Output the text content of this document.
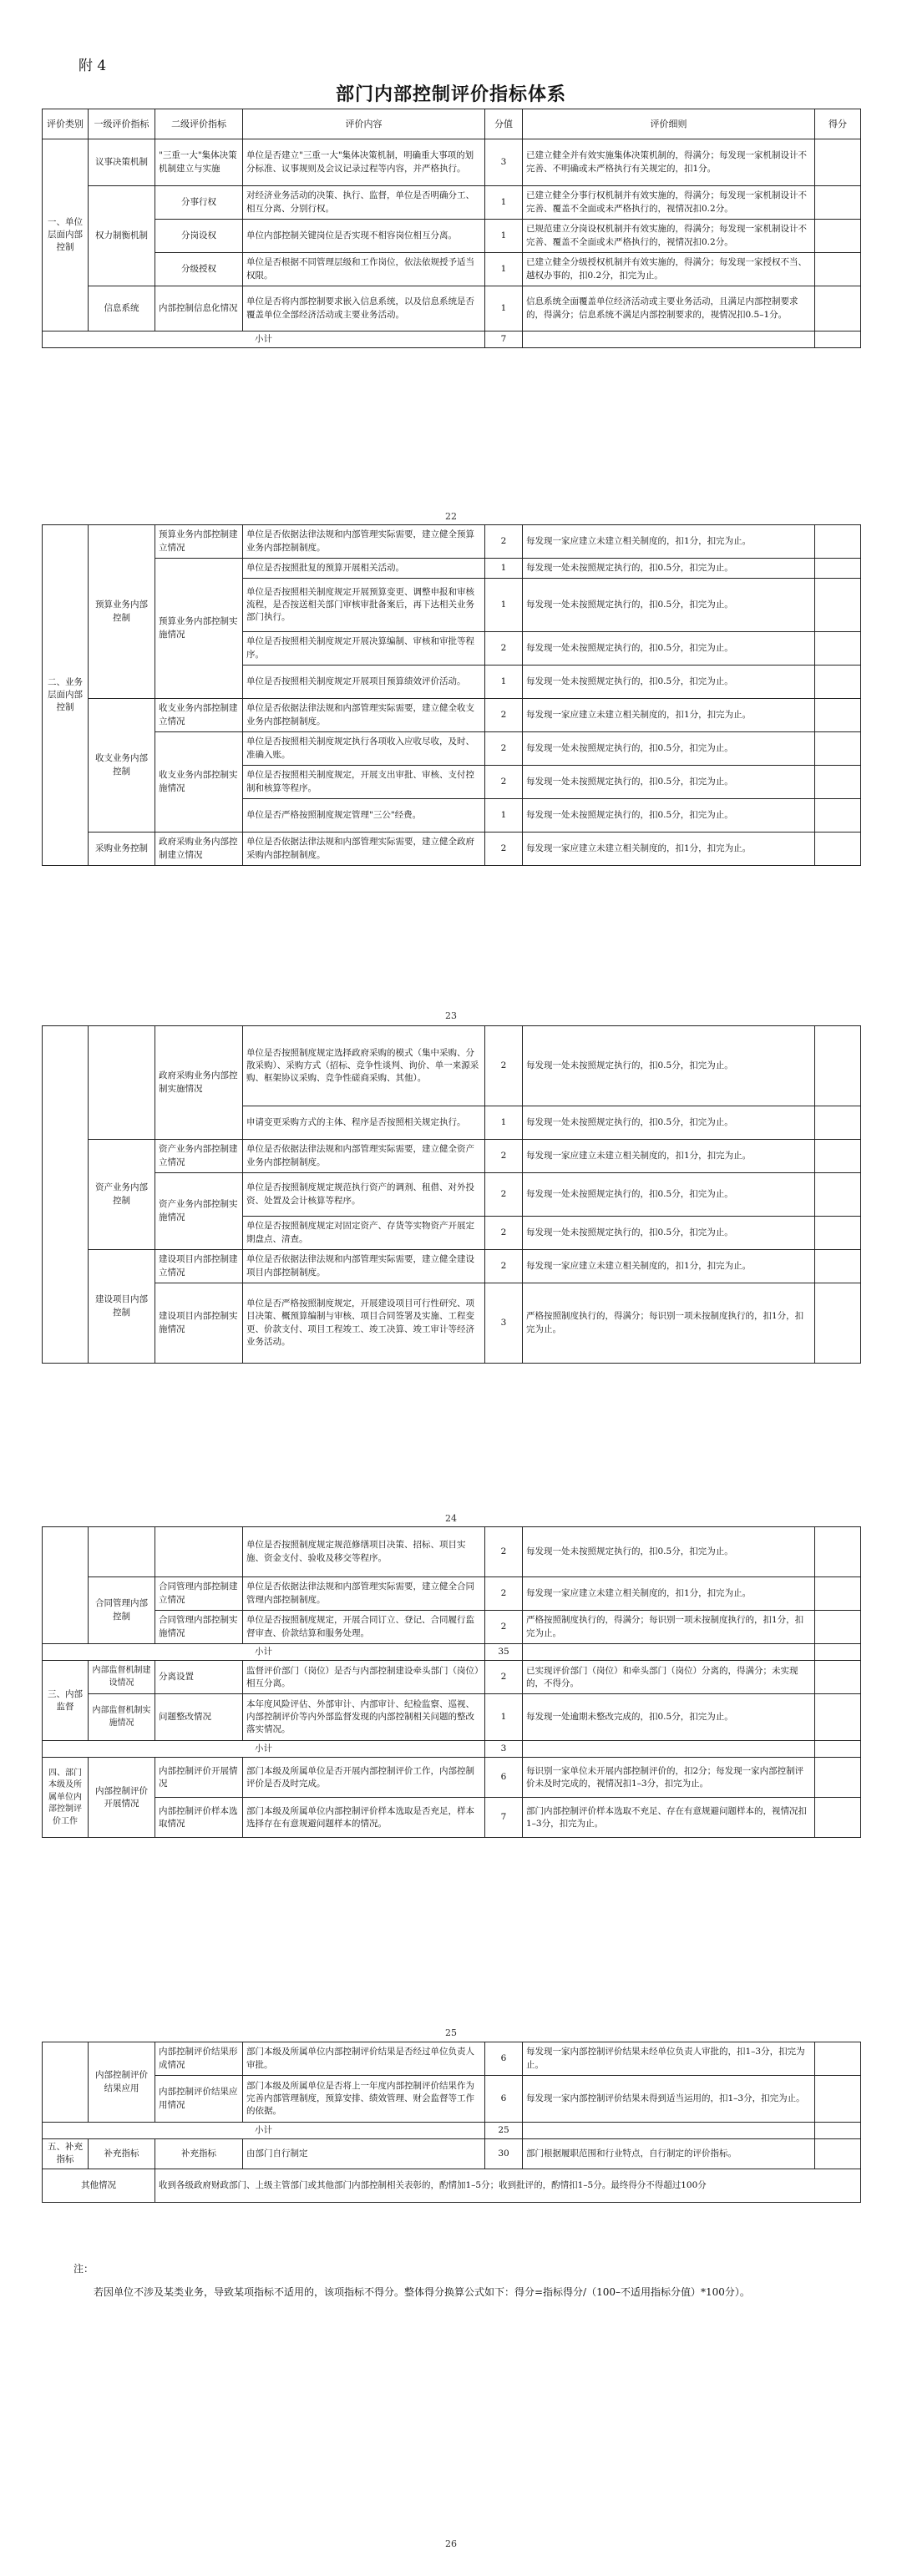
附 4
部门内部控制评价指标体系
评价类别	一级评价指标	二级评价指标	评价内容	分值	评价细则	得分
一、单位层面内部控制	议事决策机制	"三重一大"集体决策机制建立与实施	单位是否建立"三重一大"集体决策机制，明确重大事项的划分标准、议事规则及会议记录过程等内容，并严格执行。	3	已建立健全并有效实施集体决策机制的，得满分；每发现一家机制设计不完善、不明确或未严格执行有关规定的，扣1分。	
	权力制衡机制	分事行权	对经济业务活动的决策、执行、监督，单位是否明确分工、相互分离、分别行权。	1	已建立健全分事行权机制并有效实施的，得满分；每发现一家机制设计不完善、覆盖不全面或未严格执行的，视情况扣0.2分。	
		分岗设权	单位内部控制关键岗位是否实现不相容岗位相互分离。	1	已规范建立分岗设权机制并有效实施的，得满分；每发现一家机制设计不完善、覆盖不全面或未严格执行的，视情况扣0.2分。	
		分级授权	单位是否根据不同管理层级和工作岗位，依法依规授予适当权限。	1	已建立健全分级授权机制并有效实施的，得满分；每发现一家授权不当、越权办事的，扣0.2分，扣完为止。	
	信息系统	内部控制信息化情况	单位是否将内部控制要求嵌入信息系统，以及信息系统是否覆盖单位全部经济活动或主要业务活动。	1	信息系统全面覆盖单位经济活动或主要业务活动，且满足内部控制要求的，得满分；信息系统不满足内部控制要求的，视情况扣0.5–1分。	
小计				7		
22
二、业务层面内部控制	预算业务内部控制	预算业务内部控制建立情况	单位是否依据法律法规和内部管理实际需要，建立健全预算业务内部控制制度。	2	每发现一家应建立未建立相关制度的，扣1分，扣完为止。	
		预算业务内部控制实施情况	单位是否按照批复的预算开展相关活动。	1	每发现一处未按照规定执行的，扣0.5分，扣完为止。	
			单位是否按照相关制度规定开展预算变更、调整申报和审核流程，是否按送相关部门审核审批备案后，再下达相关业务部门执行。	1	每发现一处未按照规定执行的，扣0.5分，扣完为止。	
			单位是否按照相关制度规定开展决算编制、审核和审批等程序。	2	每发现一处未按照规定执行的，扣0.5分，扣完为止。	
			单位是否按照相关制度规定开展项目预算绩效评价活动。	1	每发现一处未按照规定执行的，扣0.5分，扣完为止。	

	收支业务内部控制	收支业务内部控制建立情况	单位是否依据法律法规和内部管理实际需要，建立健全收支业务内部控制制度。	2	每发现一家应建立未建立相关制度的，扣1分，扣完为止。	
		收支业务内部控制实施情况	单位是否按照相关制度规定执行各项收入应收尽收，及时、准确入账。	2	每发现一处未按照规定执行的，扣0.5分，扣完为止。	
			单位是否按照相关制度规定，开展支出审批、审核、支付控制和核算等程序。	2	每发现一处未按照规定执行的，扣0.5分，扣完为止。	
			单位是否严格按照制度规定管理"三公"经费。	1	每发现一处未按照规定执行的，扣0.5分，扣完为止。	
	采购业务控制	政府采购业务内部控制建立情况	单位是否依据法律法规和内部管理实际需要，建立健全政府采购内部控制制度。	2	每发现一家应建立未建立相关制度的，扣1分，扣完为止。	
23
		政府采购业务内部控制实施情况	单位是否按照制度规定选择政府采购的模式（集中采购、分散采购）、采购方式（招标、竞争性谈判、询价、单一来源采购、框架协议采购、竞争性磋商采购、其他）。	2	每发现一处未按照规定执行的，扣0.5分，扣完为止。	
			申请变更采购方式的主体、程序是否按照相关规定执行。	1	每发现一处未按照规定执行的，扣0.5分，扣完为止。	
	资产业务内部控制	资产业务内部控制建立情况	单位是否依据法律法规和内部管理实际需要，建立健全资产业务内部控制制度。	2	每发现一家应建立未建立相关制度的，扣1分，扣完为止。	
		资产业务内部控制实施情况	单位是否按照制度规定规范执行资产的调剂、租借、对外投资、处置及会计核算等程序。	2	每发现一处未按照规定执行的，扣0.5分，扣完为止。	
			单位是否按照制度规定对固定资产、存货等实物资产开展定期盘点、清查。	2	每发现一处未按照规定执行的，扣0.5分，扣完为止。	
	建设项目内部控制	建设项目内部控制建立情况	单位是否依据法律法规和内部管理实际需要，建立健全建设项目内部控制制度。	2	每发现一家应建立未建立相关制度的，扣1分，扣完为止。	
		建设项目内部控制实施情况	单位是否严格按照制度规定，开展建设项目可行性研究、项目决策、概预算编制与审核、项目合同签署及实施、工程变更、价款支付、项目工程竣工、竣工决算、竣工审计等经济业务活动。	3	严格按照制度执行的，得满分；每识别一项未按制度执行的，扣1分，扣完为止。	
24
			单位是否按照制度规定规范修缮项目决策、招标、项目实施、资金支付、验收及移交等程序。	2	每发现一处未按照规定执行的，扣0.5分，扣完为止。	
	合同管理内部控制	合同管理内部控制建立情况	单位是否依据法律法规和内部管理实际需要，建立健全合同管理内部控制制度。	2	每发现一家应建立未建立相关制度的，扣1分，扣完为止。	
		合同管理内部控制实施情况	单位是否按照制度规定，开展合同订立、登记、合同履行监督审查、价款结算和服务处理。	2	严格按照制度执行的，得满分；每识别一项未按制度执行的，扣1分，扣完为止。	
小计				35		
三、内部监督	内部监督机制建设情况	分离设置	监督评价部门（岗位）是否与内部控制建设牵头部门（岗位）相互分离。	2	已实现评价部门（岗位）和牵头部门（岗位）分离的，得满分；未实现的，不得分。	
	内部监督机制实施情况	问题整改情况	本年度风险评估、外部审计、内部审计、纪检监察、巡视、内部控制评价等内外部监督发现的内部控制相关问题的整改落实情况。	1	每发现一处逾期未整改完成的，扣0.5分，扣完为止。	
小计				3		
四、部门本级及所属单位内部控制评价工作	内部控制评价开展情况	内部控制评价开展情况	部门本级及所属单位是否开展内部控制评价工作，内部控制评价是否及时完成。	6	每识别一家单位未开展内部控制评价的，扣2分；每发现一家内部控制评价未及时完成的，视情况扣1–3分，扣完为止。	
		内部控制评价样本选取情况	部门本级及所属单位内部控制评价样本选取是否充足，样本选择存在有意规避问题样本的情况。	7	部门内部控制评价样本选取不充足、存在有意规避问题样本的，视情况扣1–3分，扣完为止。	
25
	内部控制评价结果应用	内部控制评价结果形成情况	部门本级及所属单位内部控制评价结果是否经过单位负责人审批。	6	每发现一家内部控制评价结果未经单位负责人审批的，扣1–3分，扣完为止。	
		内部控制评价结果应用情况	部门本级及所属单位是否将上一年度内部控制评价结果作为完善内部管理制度，预算安排、绩效管理、财会监督等工作的依据。	6	每发现一家内部控制评价结果未得到适当运用的，扣1–3分，扣完为止。	
小计				25		
五、补充指标	补充指标	补充指标	由部门自行制定	30	部门根据履职范围和行业特点，自行制定的评价指标。	
其他情况		收到各级政府财政部门、上级主管部门或其他部门内部控制相关表彰的，酌情加1–5分；收到批评的，酌情扣1–5分。最终得分不得超过100分				
注：
若因单位不涉及某类业务，导致某项指标不适用的，该项指标不得分。整体得分换算公式如下：得分=指标得分/（100–不适用指标分值）*100分）。
26
